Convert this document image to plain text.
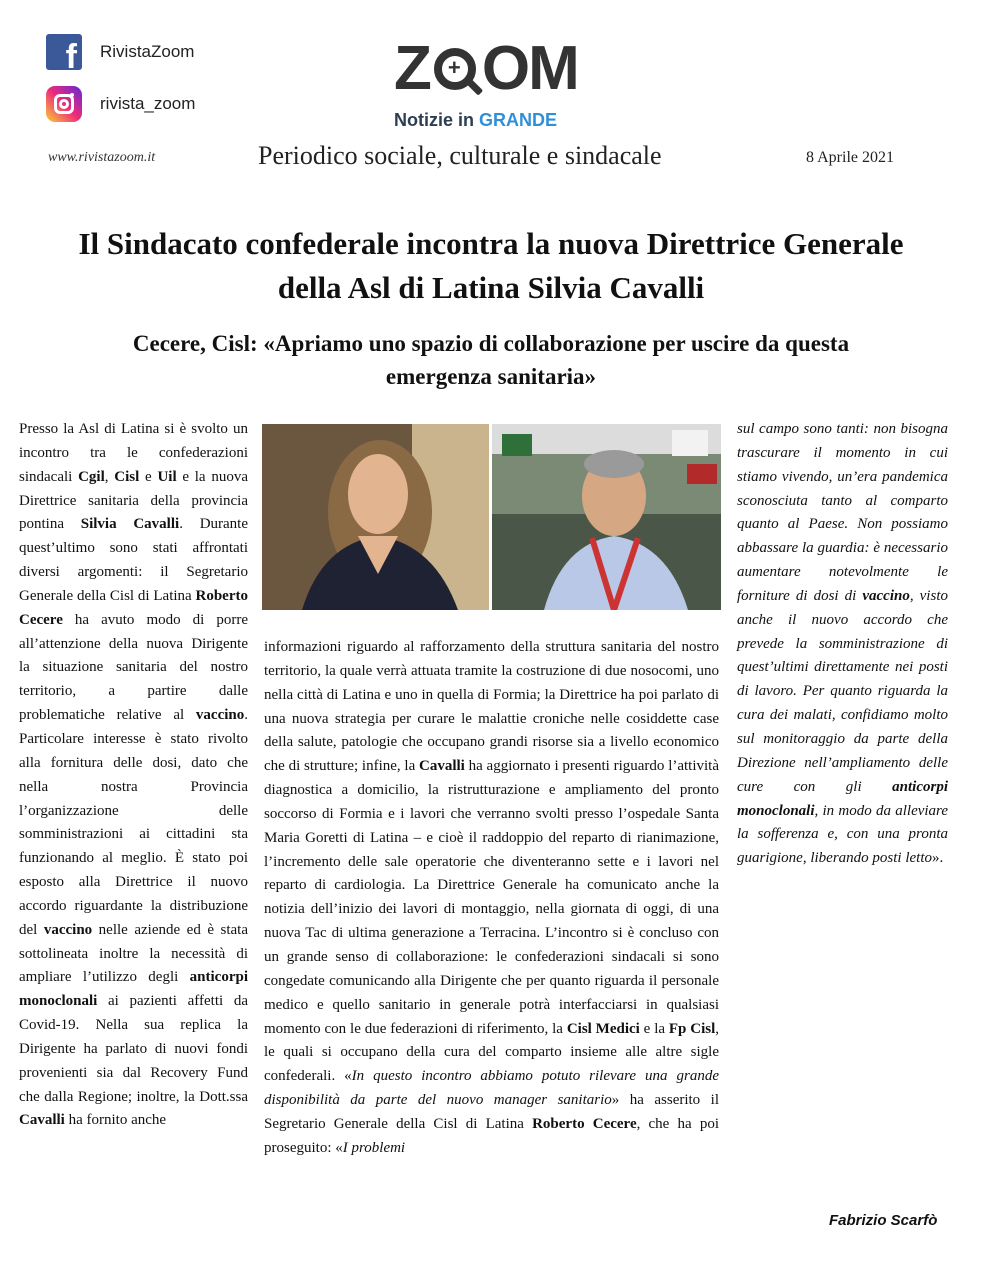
f RivistaZoom
rivista_zoom
Z + OM
Notizie in GRANDE
www.rivistazoom.it	Periodico sociale, culturale e sindacale	8 Aprile 2021
Il Sindacato confederale incontra la nuova Direttrice Generale
della Asl di Latina Silvia Cavalli
Cecere, Cisl: «Apriamo uno spazio di collaborazione per uscire da questa
emergenza sanitaria»
Presso la Asl di Latina si è svolto un incontro tra le confederazioni sindacali Cgil, Cisl e Uil e la nuova Direttrice sanitaria della provincia pontina Silvia Cavalli. Durante quest’ultimo sono stati affrontati diversi argomenti: il Segretario Generale della Cisl di Latina Roberto Cecere ha avuto modo di porre all’attenzione della nuova Dirigente la situazione sanitaria del nostro territorio, a partire dalle problematiche relative al vaccino. Particolare interesse è stato rivolto alla fornitura delle dosi, dato che nella nostra Provincia l’organizzazione delle somministrazioni ai cittadini sta funzionando al meglio. È stato poi esposto alla Direttrice il nuovo accordo riguardante la distribuzione del vaccino nelle aziende ed è stata sottolineata inoltre la necessità di ampliare l’utilizzo degli anticorpi monoclonali ai pazienti affetti da Covid-19. Nella sua replica la Dirigente ha parlato di nuovi fondi provenienti sia dal Recovery Fund che dalla Regione; inoltre, la Dott.ssa Cavalli ha fornito anche
informazioni riguardo al rafforzamento della struttura sanitaria del nostro territorio, la quale verrà attuata tramite la costruzione di due nosocomi, uno nella città di Latina e uno in quella di Formia; la Direttrice ha poi parlato di una nuova strategia per curare le malattie croniche nelle cosiddette case della salute, patologie che occupano grandi risorse sia a livello economico che di strutture; infine, la Cavalli ha aggiornato i presenti riguardo l’attività diagnostica a domicilio, la ristrutturazione e ampliamento del pronto soccorso di Formia e i lavori che verranno svolti presso l’ospedale Santa Maria Goretti di Latina – e cioè il raddoppio del reparto di rianimazione, l’incremento delle sale operatorie che diventeranno sette e i lavori nel reparto di cardiologia. La Direttrice Generale ha comunicato anche la notizia dell’inizio dei lavori di montaggio, nella giornata di oggi, di una nuova Tac di ultima generazione a Terracina. L’incontro si è concluso con un grande senso di collaborazione: le confederazioni sindacali si sono congedate comunicando alla Dirigente che per quanto riguarda il personale medico e quello sanitario in generale potrà interfacciarsi in qualsiasi momento con le due federazioni di riferimento, la Cisl Medici e la Fp Cisl, le quali si occupano della cura del comparto insieme alle altre sigle confederali. «In questo incontro abbiamo potuto rilevare una grande disponibilità da parte del nuovo manager sanitario» ha asserito il Segretario Generale della Cisl di Latina Roberto Cecere, che ha poi proseguito: «I problemi
sul campo sono tanti: non bisogna trascurare il momento in cui stiamo vivendo, un’era pandemica sconosciuta tanto al comparto quanto al Paese. Non possiamo abbassare la guardia: è necessario aumentare notevolmente le forniture di dosi di vaccino, visto anche il nuovo accordo che prevede la somministrazione di quest’ultimi direttamente nei posti di lavoro. Per quanto riguarda la cura dei malati, confidiamo molto sul monitoraggio da parte della Direzione nell’ampliamento delle cure con gli anticorpi monoclonali, in modo da alleviare la sofferenza e, con una pronta guarigione, liberando posti letto».
Fabrizio Scarfò
